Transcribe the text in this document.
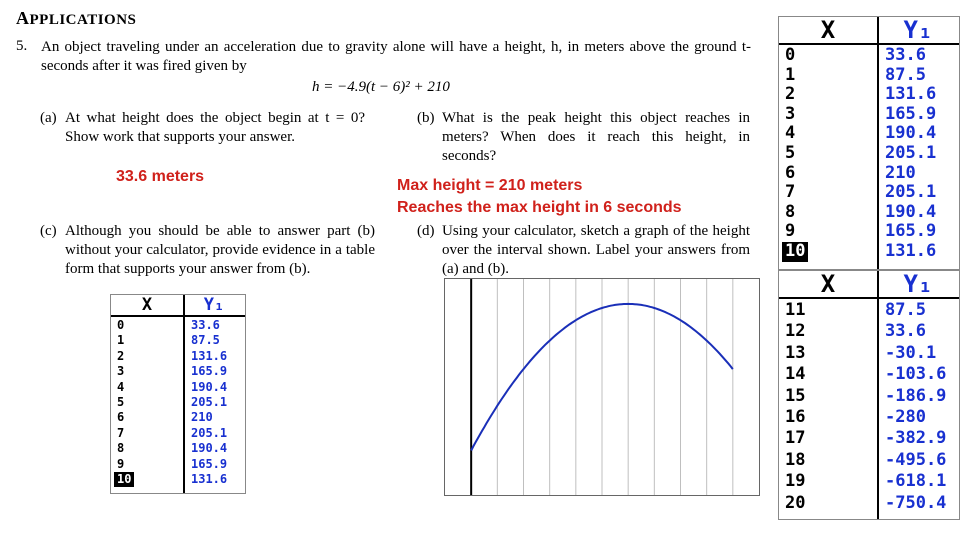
APPLICATIONS
5. An object traveling under an acceleration due to gravity alone will have a height, h, in meters above the ground t-seconds after it was fired given by
h = −4.9(t − 6)² + 210
(a) At what height does the object begin at t = 0? Show work that supports your answer.
(b) What is the peak height this object reaches in meters? When does it reach this height, in seconds?
33.6 meters
Max height = 210 meters
Reaches the max height in 6 seconds
(c) Although you should be able to answer part (b) without your calculator, provide evidence in a table form that supports your answer from (b).
(d) Using your calculator, sketch a graph of the height over the interval shown. Label your answers from (a) and (b).
X	Y₁
0	33.6
1	87.5
2	131.6
3	165.9
4	190.4
5	205.1
6	210
7	205.1
8	190.4
9	165.9
10	131.6
X	Y₁
0	33.6
1	87.5
2	131.6
3	165.9
4	190.4
5	205.1
6	210
7	205.1
8	190.4
9	165.9
10	131.6
X	Y₁
11	87.5
12	33.6
13	-30.1
14	-103.6
15	-186.9
16	-280
17	-382.9
18	-495.6
19	-618.1
20	-750.4
